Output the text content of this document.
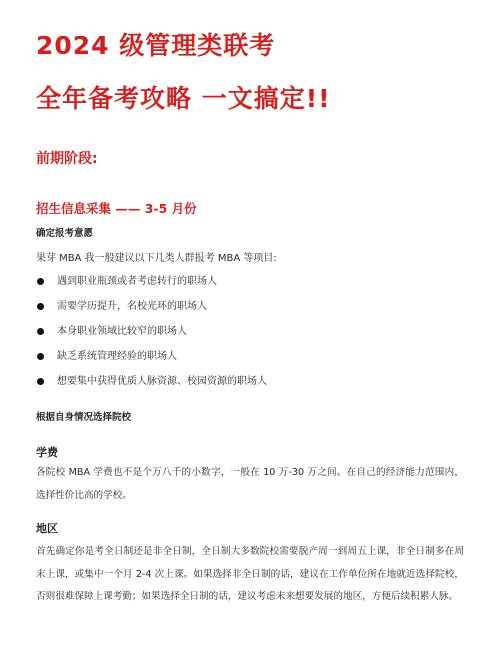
2024 级管理类联考
全年备考攻略 一文搞定!!
前期阶段:
招生信息采集 —— 3-5 月份
确定报考意愿
果芽 MBA 我一般建议以下几类人群报考 MBA 等项目:
遇到职业瓶颈或者考虑转行的职场人
需要学历提升，名校光环的职场人
本身职业领域比较窄的职场人
缺乏系统管理经验的职场人
想要集中获得优质人脉资源、校园资源的职场人
根据自身情况选择院校
学费
各院校 MBA 学费也不是个万八千的小数字，一般在 10 万-30 万之间。在自己的经济能力范围内，选择性价比高的学校。
地区
首先确定你是考全日制还是非全日制，全日制大多数院校需要脱产周一到周五上课，非全日制多在周末上课，或集中一个月 2-4 次上课。如果选择非全日制的话，建议在工作单位所在地就近选择院校，否则很难保障上课考勤；如果选择全日制的话，建议考虑未来想要发展的地区，方便后续积累人脉。
